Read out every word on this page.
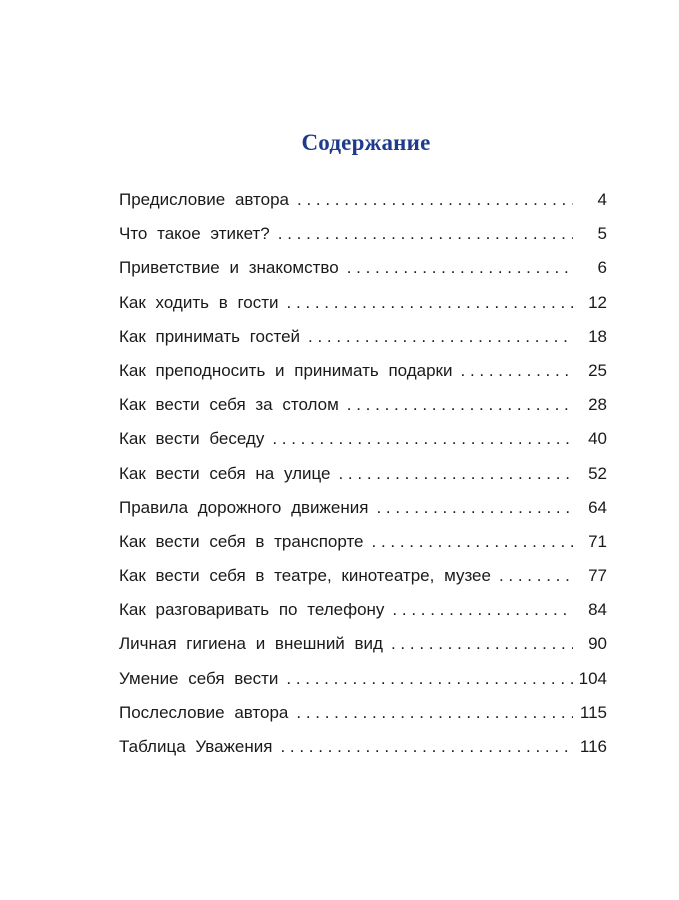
Содержание
Предисловие автора . . .	4
Что такое этикет? . . .	5
Приветствие и знакомство . . .	6
Как ходить в гости . . .	12
Как принимать гостей . . .	18
Как преподносить и принимать подарки . . .	25
Как вести себя за столом . . .	28
Как вести беседу . . .	40
Как вести себя на улице . . .	52
Правила дорожного движения . . .	64
Как вести себя в транспорте . . .	71
Как вести себя в театре, кинотеатре, музее . . .	77
Как разговаривать по телефону . . .	84
Личная гигиена и внешний вид . . .	90
Умение себя вести . . .	104
Послесловие автора . . .	115
Таблица Уважения . . .	116
